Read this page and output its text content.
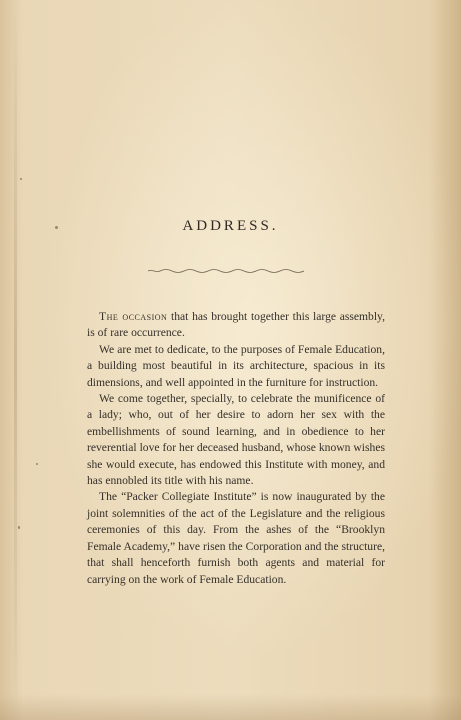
ADDRESS.

The occasion that has brought together this large assembly, is of rare occurrence.

We are met to dedicate, to the purposes of Female Education, a building most beautiful in its architecture, spacious in its dimensions, and well appointed in the furniture for instruction.

We come together, specially, to celebrate the munificence of a lady; who, out of her desire to adorn her sex with the embellishments of sound learning, and in obedience to her reverential love for her deceased husband, whose known wishes she would execute, has endowed this Institute with money, and has ennobled its title with his name.

The “Packer Collegiate Institute” is now inaugurated by the joint solemnities of the act of the Legislature and the religious ceremonies of this day. From the ashes of the “Brooklyn Female Academy,” have risen the Corporation and the structure, that shall henceforth furnish both agents and material for carrying on the work of Female Education.
